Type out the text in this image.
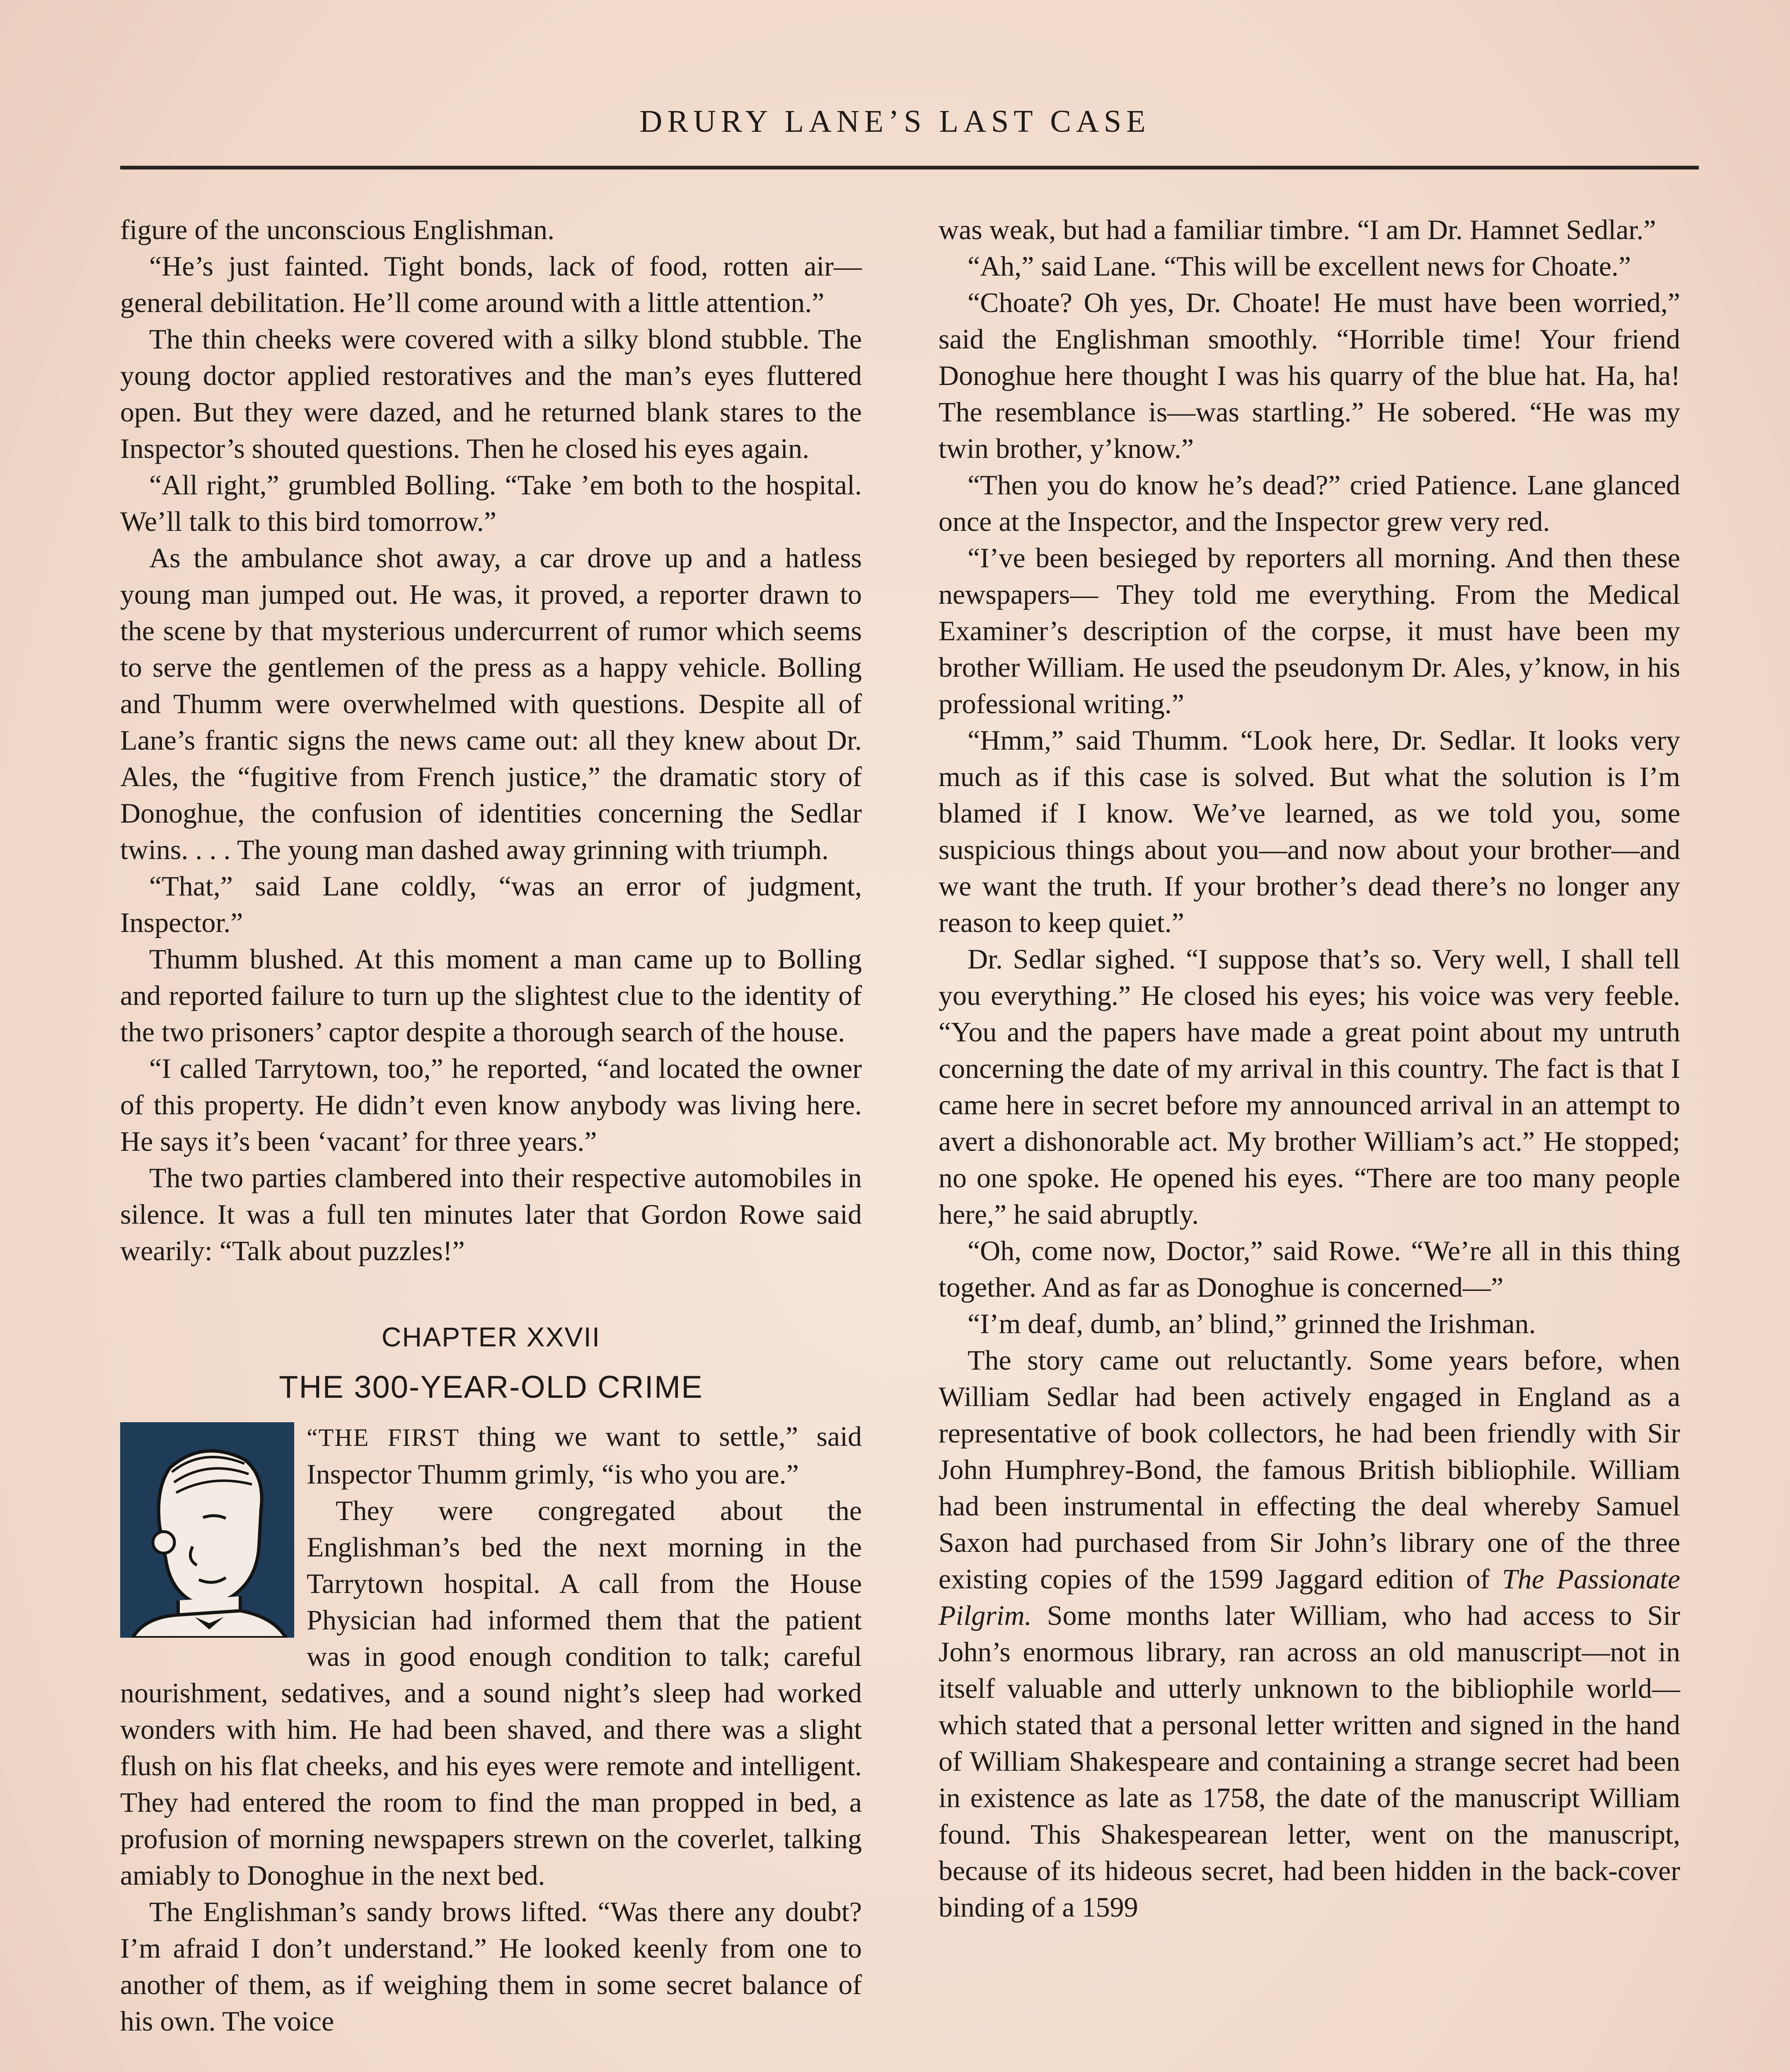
DRURY LANE’S LAST CASE

figure of the unconscious Englishman.

“He’s just fainted. Tight bonds, lack of food, rotten air—general debilitation. He’ll come around with a little attention.”

The thin cheeks were covered with a silky blond stubble. The young doctor applied restoratives and the man’s eyes fluttered open. But they were dazed, and he returned blank stares to the Inspector’s shouted questions. Then he closed his eyes again.

“All right,” grumbled Bolling. “Take ’em both to the hospital. We’ll talk to this bird tomorrow.”

As the ambulance shot away, a car drove up and a hatless young man jumped out. He was, it proved, a reporter drawn to the scene by that mysterious undercurrent of rumor which seems to serve the gentlemen of the press as a happy vehicle. Bolling and Thumm were overwhelmed with questions. Despite all of Lane’s frantic signs the news came out: all they knew about Dr. Ales, the “fugitive from French justice,” the dramatic story of Donoghue, the confusion of identities concerning the Sedlar twins. . . . The young man dashed away grinning with triumph.

“That,” said Lane coldly, “was an error of judgment, Inspector.”

Thumm blushed. At this moment a man came up to Bolling and reported failure to turn up the slightest clue to the identity of the two prisoners’ captor despite a thorough search of the house.

“I called Tarrytown, too,” he reported, “and located the owner of this property. He didn’t even know anybody was living here. He says it’s been ‘vacant’ for three years.”

The two parties clambered into their respective automobiles in silence. It was a full ten minutes later that Gordon Rowe said wearily: “Talk about puzzles!”

CHAPTER XXVII
THE 300-YEAR-OLD CRIME

“THE FIRST thing we want to settle,” said Inspector Thumm grimly, “is who you are.”

They were congregated about the Englishman’s bed the next morning in the Tarrytown hospital. A call from the House Physician had informed them that the patient was in good enough condition to talk; careful nourishment, sedatives, and a sound night’s sleep had worked wonders with him. He had been shaved, and there was a slight flush on his flat cheeks, and his eyes were remote and intelligent. They had entered the room to find the man propped in bed, a profusion of morning newspapers strewn on the coverlet, talking amiably to Donoghue in the next bed.

The Englishman’s sandy brows lifted. “Was there any doubt? I’m afraid I don’t understand.” He looked keenly from one to another of them, as if weighing them in some secret balance of his own. The voice

was weak, but had a familiar timbre. “I am Dr. Hamnet Sedlar.”

“Ah,” said Lane. “This will be excellent news for Choate.”

“Choate? Oh yes, Dr. Choate! He must have been worried,” said the Englishman smoothly. “Horrible time! Your friend Donoghue here thought I was his quarry of the blue hat. Ha, ha! The resemblance is—was startling.” He sobered. “He was my twin brother, y’know.”

“Then you do know he’s dead?” cried Patience. Lane glanced once at the Inspector, and the Inspector grew very red.

“I’ve been besieged by reporters all morning. And then these newspapers— They told me everything. From the Medical Examiner’s description of the corpse, it must have been my brother William. He used the pseudonym Dr. Ales, y’know, in his professional writing.”

“Hmm,” said Thumm. “Look here, Dr. Sedlar. It looks very much as if this case is solved. But what the solution is I’m blamed if I know. We’ve learned, as we told you, some suspicious things about you—and now about your brother—and we want the truth. If your brother’s dead there’s no longer any reason to keep quiet.”

Dr. Sedlar sighed. “I suppose that’s so. Very well, I shall tell you everything.” He closed his eyes; his voice was very feeble. “You and the papers have made a great point about my untruth concerning the date of my arrival in this country. The fact is that I came here in secret before my announced arrival in an attempt to avert a dishonorable act. My brother William’s act.” He stopped; no one spoke. He opened his eyes. “There are too many people here,” he said abruptly.

“Oh, come now, Doctor,” said Rowe. “We’re all in this thing together. And as far as Donoghue is concerned—”

“I’m deaf, dumb, an’ blind,” grinned the Irishman.

The story came out reluctantly. Some years before, when William Sedlar had been actively engaged in England as a representative of book collectors, he had been friendly with Sir John Humphrey-Bond, the famous British bibliophile. William had been instrumental in effecting the deal whereby Samuel Saxon had purchased from Sir John’s library one of the three existing copies of the 1599 Jaggard edition of The Passionate Pilgrim. Some months later William, who had access to Sir John’s enormous library, ran across an old manuscript—not in itself valuable and utterly unknown to the bibliophile world—which stated that a personal letter written and signed in the hand of William Shakespeare and containing a strange secret had been in existence as late as 1758, the date of the manuscript William found. This Shakespearean letter, went on the manuscript, because of its hideous secret, had been hidden in the back-cover binding of a 1599
